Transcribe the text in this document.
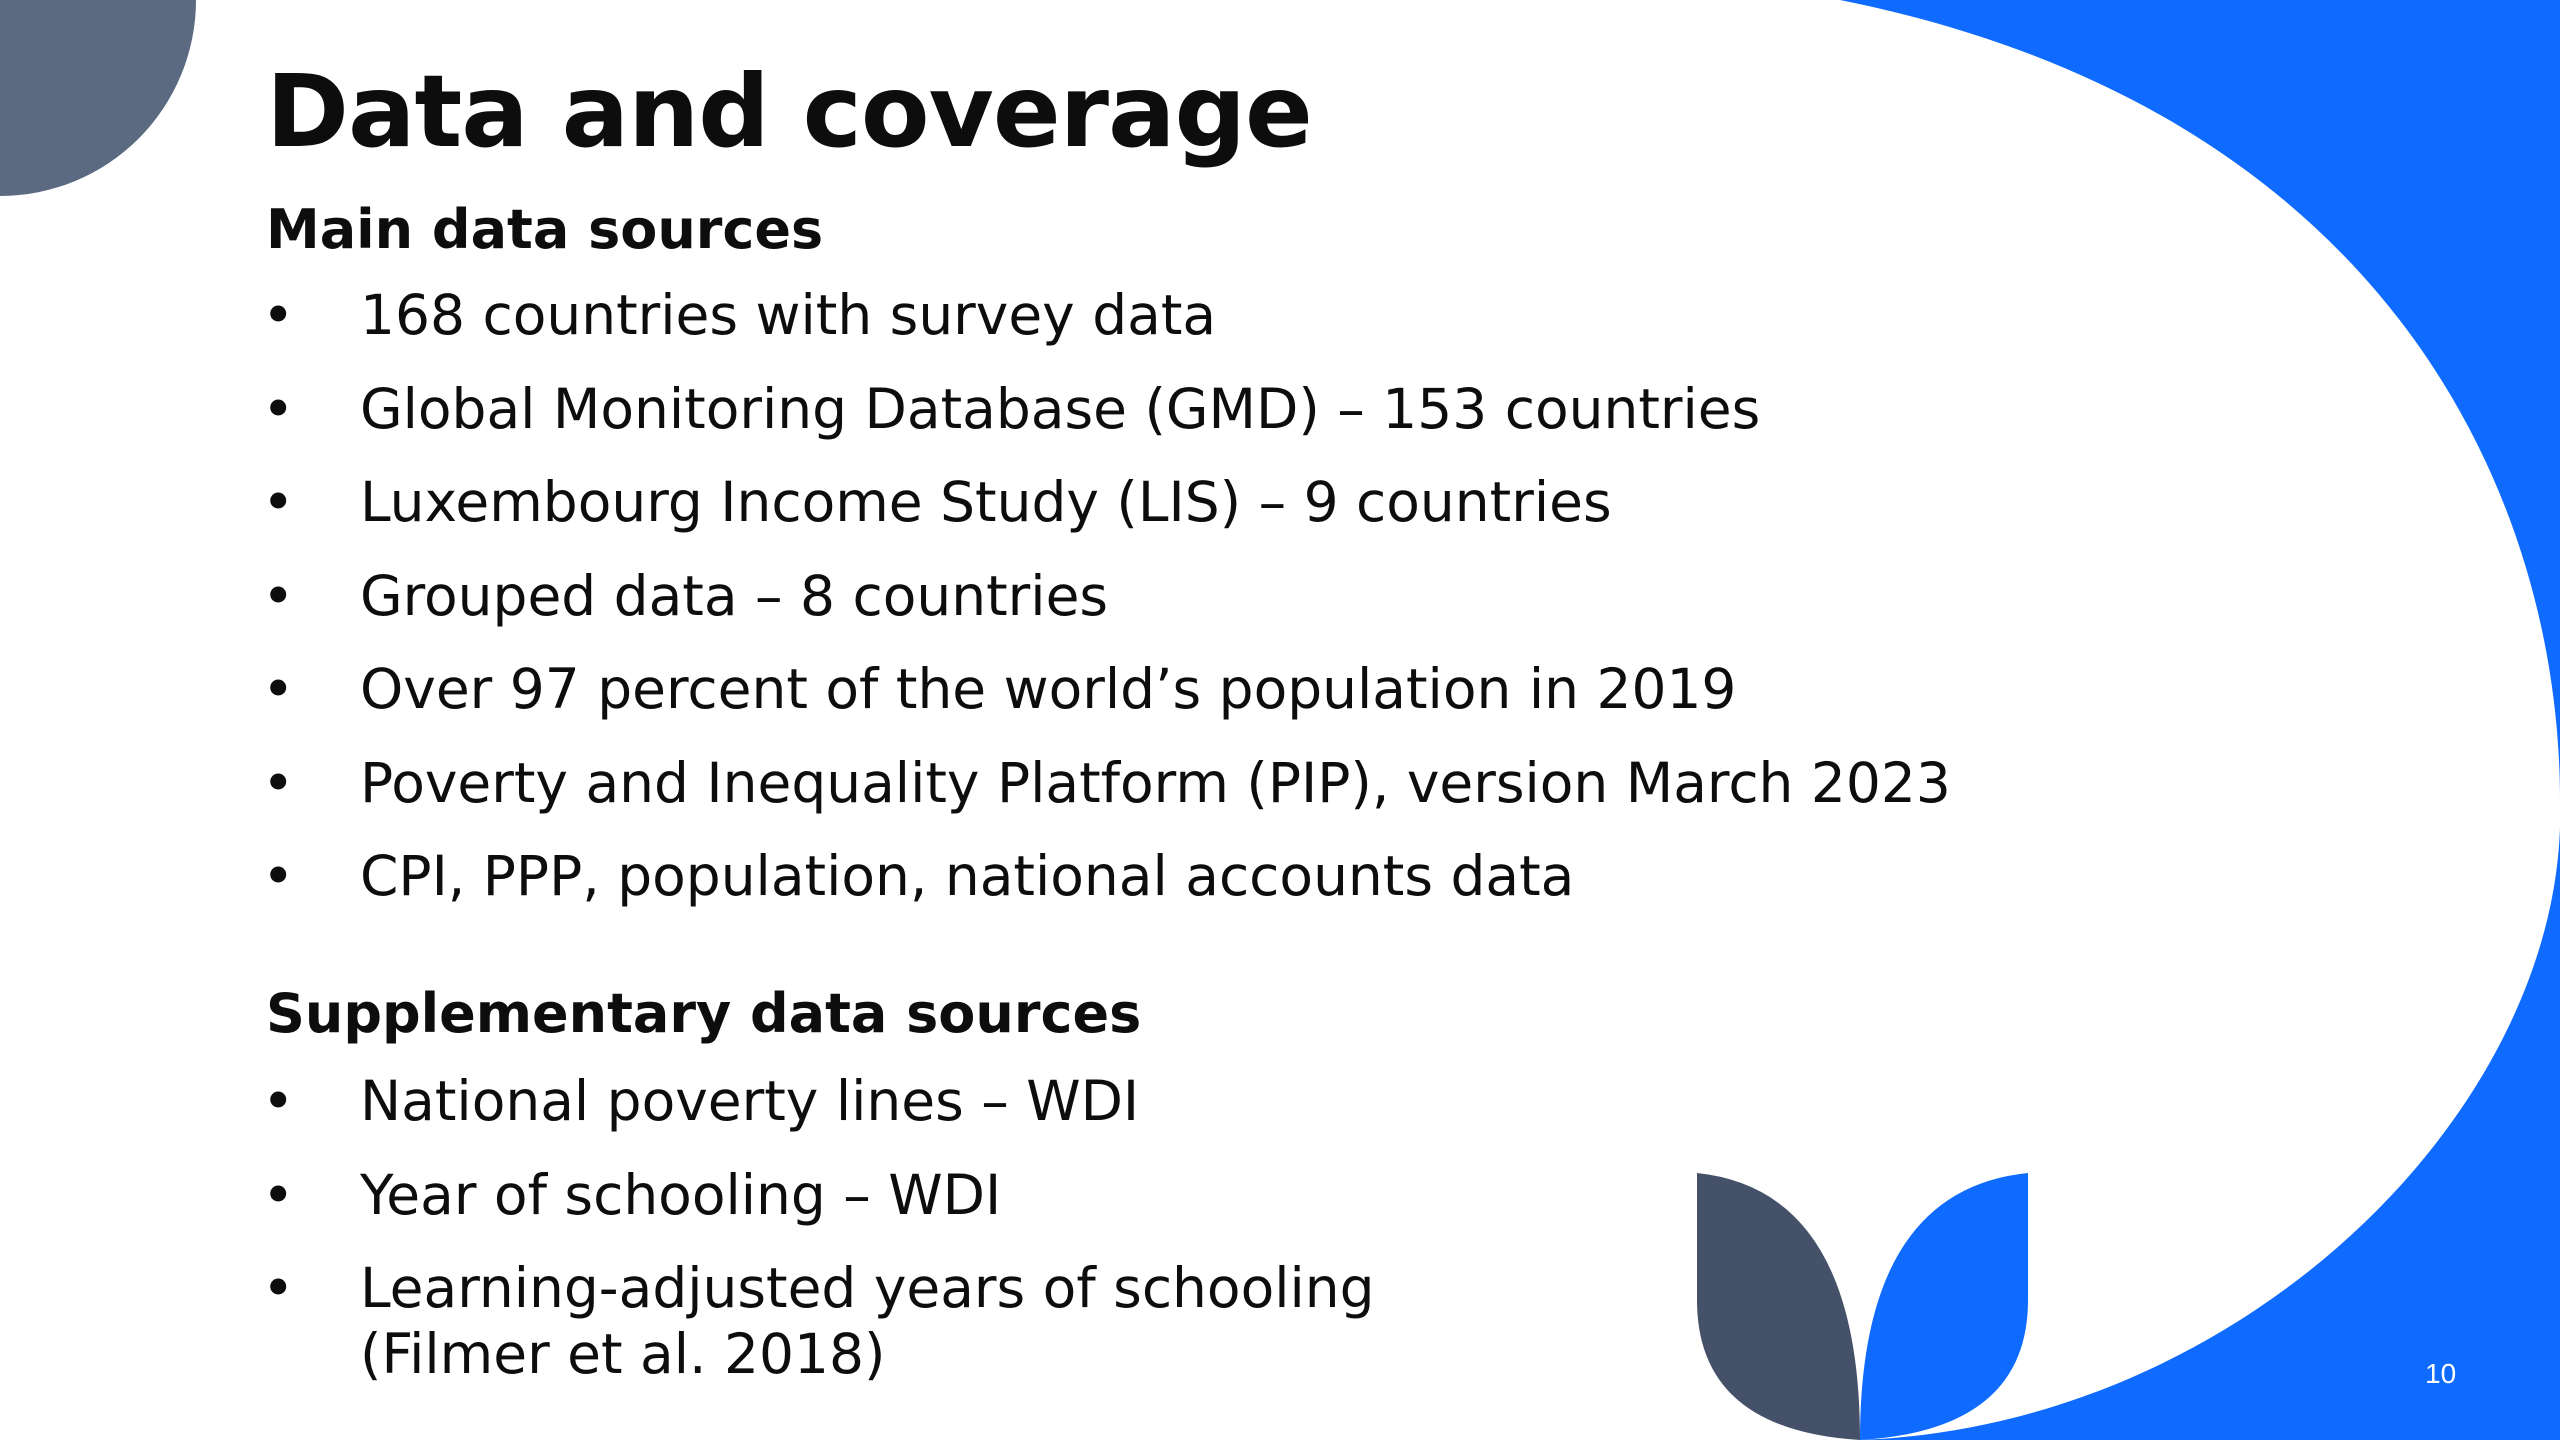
Data and coverage
Main data sources
• 168 countries with survey data
• Global Monitoring Database (GMD) – 153 countries
• Luxembourg Income Study (LIS) – 9 countries
• Grouped data – 8 countries
• Over 97 percent of the world’s population in 2019
• Poverty and Inequality Platform (PIP), version March 2023
• CPI, PPP, population, national accounts data
Supplementary data sources
• National poverty lines – WDI
• Year of schooling – WDI
• Learning-adjusted years of schooling
(Filmer et al. 2018)	10
